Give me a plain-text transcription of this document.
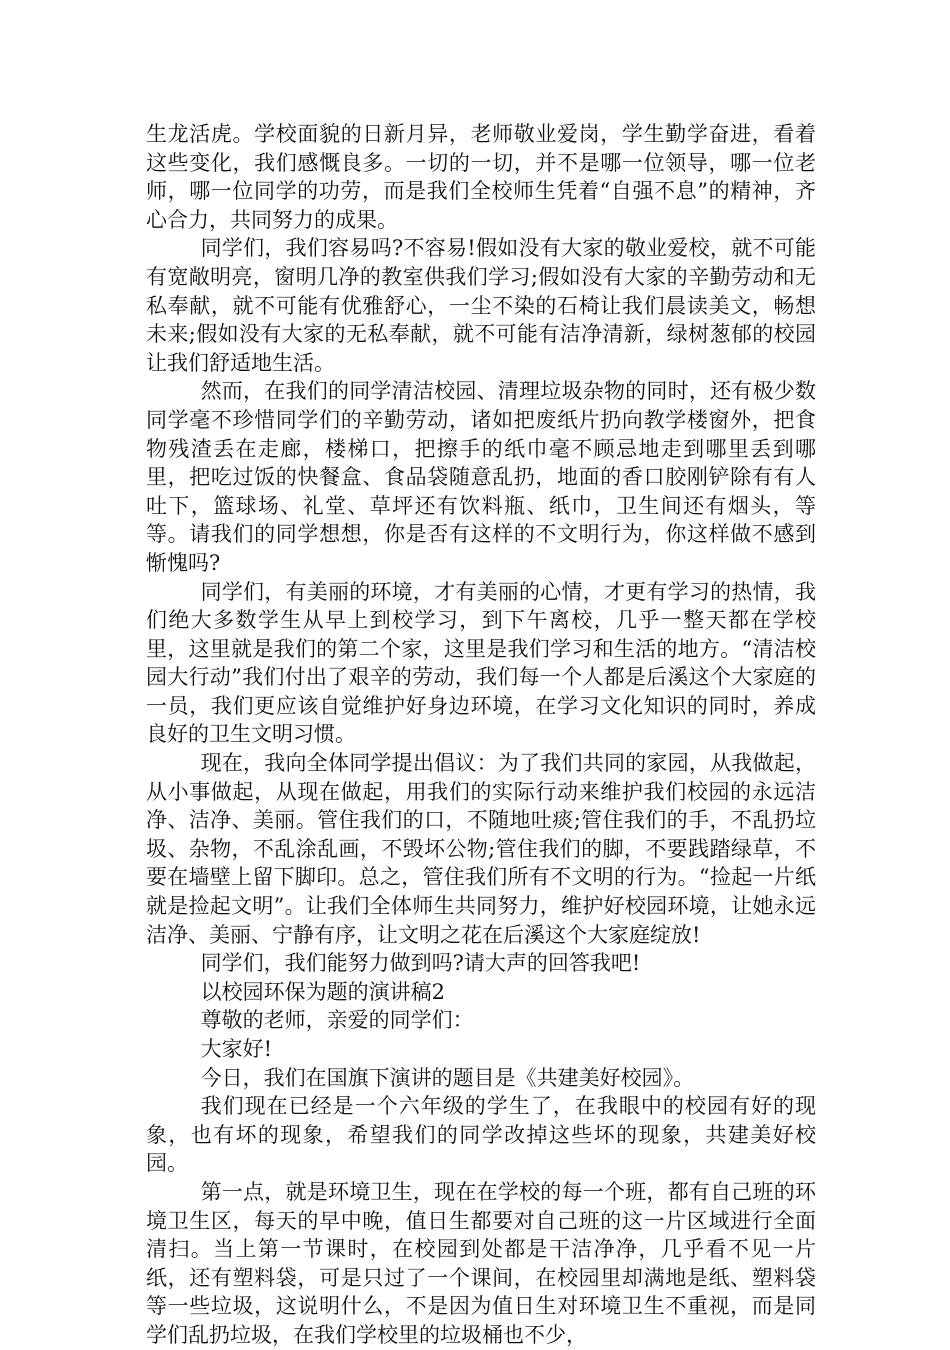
生龙活虎。学校面貌的日新月异，老师敬业爱岗，学生勤学奋进，看着这些变化，我们感慨良多。一切的一切，并不是哪一位领导，哪一位老师，哪一位同学的功劳，而是我们全校师生凭着“自强不息”的精神，齐心合力，共同努力的成果。

同学们，我们容易吗?不容易!假如没有大家的敬业爱校，就不可能有宽敞明亮，窗明几净的教室供我们学习;假如没有大家的辛勤劳动和无私奉献，就不可能有优雅舒心，一尘不染的石椅让我们晨读美文，畅想未来;假如没有大家的无私奉献，就不可能有洁净清新，绿树葱郁的校园让我们舒适地生活。

然而，在我们的同学清洁校园、清理垃圾杂物的同时，还有极少数同学毫不珍惜同学们的辛勤劳动，诸如把废纸片扔向教学楼窗外，把食物残渣丢在走廊，楼梯口，把擦手的纸巾毫不顾忌地走到哪里丢到哪里，把吃过饭的快餐盒、食品袋随意乱扔，地面的香口胶刚铲除有有人吐下，篮球场、礼堂、草坪还有饮料瓶、纸巾，卫生间还有烟头，等等。请我们的同学想想，你是否有这样的不文明行为，你这样做不感到惭愧吗?

同学们，有美丽的环境，才有美丽的心情，才更有学习的热情，我们绝大多数学生从早上到校学习，到下午离校，几乎一整天都在学校里，这里就是我们的第二个家，这里是我们学习和生活的地方。“清洁校园大行动”我们付出了艰辛的劳动，我们每一个人都是后溪这个大家庭的一员，我们更应该自觉维护好身边环境，在学习文化知识的同时，养成良好的卫生文明习惯。

现在，我向全体同学提出倡议：为了我们共同的家园，从我做起，从小事做起，从现在做起，用我们的实际行动来维护我们校园的永远洁净、洁净、美丽。管住我们的口，不随地吐痰;管住我们的手，不乱扔垃圾、杂物，不乱涂乱画，不毁坏公物;管住我们的脚，不要践踏绿草，不要在墙壁上留下脚印。总之，管住我们所有不文明的行为。“捡起一片纸就是捡起文明”。让我们全体师生共同努力，维护好校园环境，让她永远洁净、美丽、宁静有序，让文明之花在后溪这个大家庭绽放!

同学们，我们能努力做到吗?请大声的回答我吧!

以校园环保为题的演讲稿2

尊敬的老师，亲爱的同学们：

大家好!

今日，我们在国旗下演讲的题目是《共建美好校园》。

我们现在已经是一个六年级的学生了，在我眼中的校园有好的现象，也有坏的现象，希望我们的同学改掉这些坏的现象，共建美好校园。

第一点，就是环境卫生，现在在学校的每一个班，都有自己班的环境卫生区，每天的早中晚，值日生都要对自己班的这一片区域进行全面清扫。当上第一节课时，在校园到处都是干洁净净，几乎看不见一片纸，还有塑料袋，可是只过了一个课间，在校园里却满地是纸、塑料袋等一些垃圾，这说明什么，不是因为值日生对环境卫生不重视，而是同学们乱扔垃圾，在我们学校里的垃圾桶也不少，
